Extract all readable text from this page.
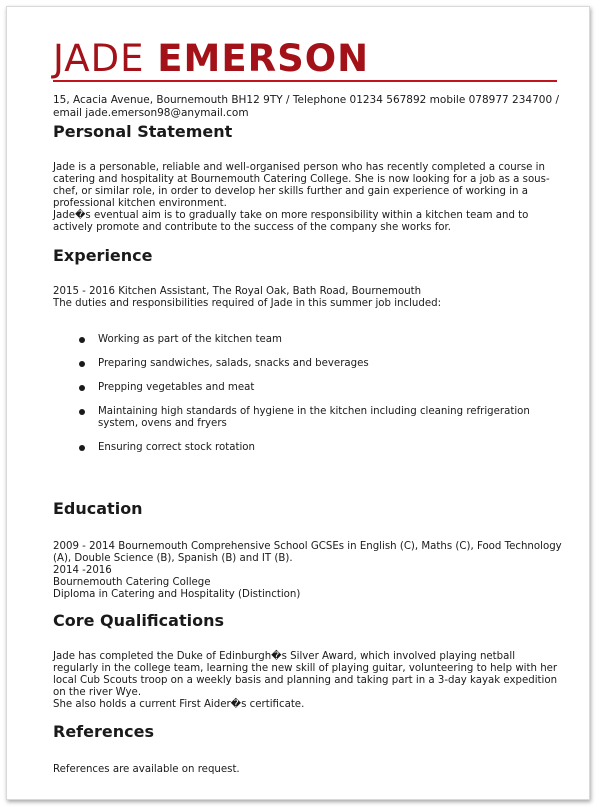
JADE EMERSON
15, Acacia Avenue, Bournemouth BH12 9TY / Telephone 01234 567892 mobile 078977 234700 /
email jade.emerson98@anymail.com
Personal Statement

Jade is a personable, reliable and well-organised person who has recently completed a course in catering and hospitality at Bournemouth Catering College. She is now looking for a job as a sous-chef, or similar role, in order to develop her skills further and gain experience of working in a professional kitchen environment.

Jade�s eventual aim is to gradually take on more responsibility within a kitchen team and to actively promote and contribute to the success of the company she works for.

Experience

2015 - 2016 Kitchen Assistant, The Royal Oak, Bath Road, Bournemouth

The duties and responsibilities required of Jade in this summer job included:

Working as part of the kitchen team
Preparing sandwiches, salads, snacks and beverages
Prepping vegetables and meat
Maintaining high standards of hygiene in the kitchen including cleaning refrigeration system, ovens and fryers
Ensuring correct stock rotation
Education

2009 - 2014 Bournemouth Comprehensive School GCSEs in English (C), Maths (C), Food Technology (A), Double Science (B), Spanish (B) and IT (B).

2014 -2016

Bournemouth Catering College

Diploma in Catering and Hospitality (Distinction)

Core Qualifications

Jade has completed the Duke of Edinburgh�s Silver Award, which involved playing netball regularly in the college team, learning the new skill of playing guitar, volunteering to help with her local Cub Scouts troop on a weekly basis and planning and taking part in a 3-day kayak expedition on the river Wye.

She also holds a current First Aider�s certificate.

References
References are available on request.
